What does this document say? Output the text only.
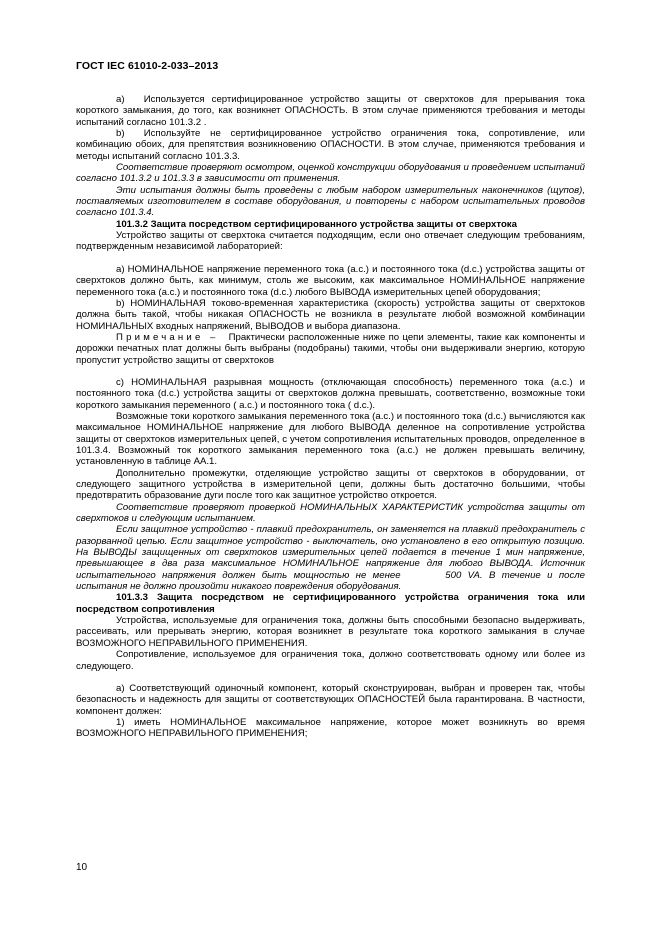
ГОСТ IEC 61010-2-033–2013

а)  Используется сертифицированное устройство защиты от сверхтоков для прерывания тока короткого замыкания, до того, как возникнет ОПАСНОСТЬ. В этом случае применяются требования и методы испытаний согласно 101.3.2 .

b)  Используйте не сертифицированное устройство ограничения тока, сопротивление, или комбинацию обоих, для препятствия возникновению ОПАСНОСТИ. В этом случае, применяются требования и методы испытаний согласно 101.3.3.

Соответствие проверяют осмотром, оценкой конструкции оборудования и проведением испытаний согласно 101.3.2 и 101.3.3 в зависимости от применения.

Эти испытания должны быть проведены с любым набором измерительных наконечников (щупов), поставляемых изготовителем в составе оборудования, и повторены с набором испытательных проводов согласно 101.3.4.

101.3.2 Защита посредством сертифицированного устройства защиты от сверхтока

Устройство защиты от сверхтока считается подходящим, если оно отвечает следующим требованиям, подтвержденным независимой лабораторией:

a) НОМИНАЛЬНОЕ напряжение переменного тока (a.c.) и постоянного тока (d.c.) устройства защиты от сверхтоков должно быть, как минимум, столь же высоким, как максимальное НОМИНАЛЬНОЕ напряжение переменного тока (a.c.) и постоянного тока (d.c.) любого ВЫВОДА измерительных цепей оборудования;

b) НОМИНАЛЬНАЯ токово-временная характеристика (скорость) устройства защиты от сверхтоков должна быть такой, чтобы никакая ОПАСНОСТЬ не возникла в результате любой возможной комбинации НОМИНАЛЬНЫХ входных напряжений, ВЫВОДОВ и выбора диапазона.

Примечание – Практически расположенные ниже по цепи элементы, такие как компоненты и дорожки печатных плат должны быть выбраны (подобраны) такими, чтобы они выдерживали энергию, которую пропустит устройство защиты от сверхтоков

c) НОМИНАЛЬНАЯ разрывная мощность (отключающая способность) переменного тока (a.c.) и постоянного тока (d.c.) устройства защиты от сверхтоков должна превышать, соответственно, возможные токи короткого замыкания переменного ( a.c.) и постоянного тока ( d.c.).

Возможные токи короткого замыкания переменного тока (a.c.) и постоянного тока (d.c.) вычисляются как максимальное НОМИНАЛЬНОЕ напряжение для любого ВЫВОДА деленное на сопротивление устройства защиты от сверхтоков измерительных цепей, с учетом сопротивления испытательных проводов, определенное в 101.3.4. Возможный ток короткого замыкания переменного тока (a.c.) не должен превышать величину, установленную в таблице АА.1.

Дополнительно промежутки, отделяющие устройство защиты от сверхтоков в оборудовании, от следующего защитного устройства в измерительной цепи, должны быть достаточно большими, чтобы предотвратить образование дуги после того как защитное устройство откроется.

Соответствие проверяют проверкой НОМИНАЛЬНЫХ ХАРАКТЕРИСТИК устройства защиты от сверхтоков и следующим испытанием.

Если защитное устройство - плавкий предохранитель, он заменяется на плавкий предохранитель с разорванной цепью. Если защитное устройство - выключатель, оно установлено в его открытую позицию. На ВЫВОДЫ защищенных от сверхтоков измерительных цепей подается в течение 1 мин напряжение, превышающее в два раза максимальное НОМИНАЛЬНОЕ напряжение для любого ВЫВОДА. Источник испытательного напряжения должен быть мощностью не менее     500 VA. В течение и после испытания не должно произойти никакого повреждения оборудования.

101.3.3 Защита посредством не сертифицированного устройства ограничения тока или посредством сопротивления

Устройства, используемые для ограничения тока, должны быть способными безопасно выдерживать, рассеивать, или прерывать энергию, которая возникнет в результате тока короткого замыкания в случае ВОЗМОЖНОГО НЕПРАВИЛЬНОГО ПРИМЕНЕНИЯ.

Сопротивление, используемое для ограничения тока, должно соответствовать одному или более из следующего.

a) Соответствующий одиночный компонент, который сконструирован, выбран и проверен так, чтобы безопасность и надежность для защиты от соответствующих ОПАСНОСТЕЙ была гарантирована. В частности, компонент должен:

1) иметь НОМИНАЛЬНОЕ максимальное напряжение, которое может возникнуть во время ВОЗМОЖНОГО НЕПРАВИЛЬНОГО ПРИМЕНЕНИЯ;

10
